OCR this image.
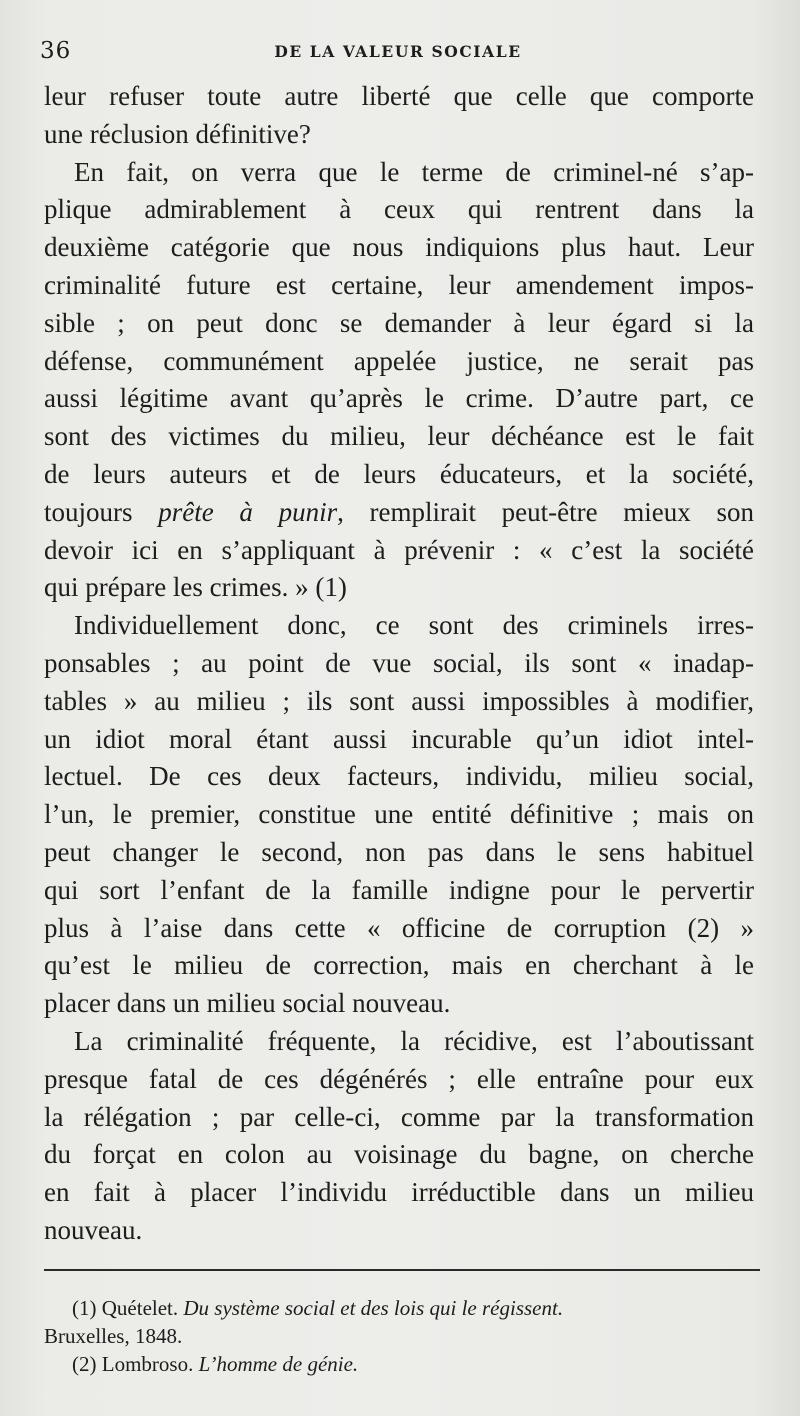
36	DE LA VALEUR SOCIALE
leur refuser toute autre liberté que celle que comporte
une réclusion définitive?
En fait, on verra que le terme de criminel-né s’ap-
plique admirablement à ceux qui rentrent dans la
deuxième catégorie que nous indiquions plus haut. Leur
criminalité future est certaine, leur amendement impos-
sible ; on peut donc se demander à leur égard si la
défense, communément appelée justice, ne serait pas
aussi légitime avant qu’après le crime. D’autre part, ce
sont des victimes du milieu, leur déchéance est le fait
de leurs auteurs et de leurs éducateurs, et la société,
toujours prête à punir, remplirait peut-être mieux son
devoir ici en s’appliquant à prévenir : « c’est la société
qui prépare les crimes. » (1)
Individuellement donc, ce sont des criminels irres-
ponsables ; au point de vue social, ils sont « inadap-
tables » au milieu ; ils sont aussi impossibles à modifier,
un idiot moral étant aussi incurable qu’un idiot intel-
lectuel. De ces deux facteurs, individu, milieu social,
l’un, le premier, constitue une entité définitive ; mais on
peut changer le second, non pas dans le sens habituel
qui sort l’enfant de la famille indigne pour le pervertir
plus à l’aise dans cette « officine de corruption (2) »
qu’est le milieu de correction, mais en cherchant à le
placer dans un milieu social nouveau.
La criminalité fréquente, la récidive, est l’aboutissant
presque fatal de ces dégénérés ; elle entraîne pour eux
la rélégation ; par celle-ci, comme par la transformation
du forçat en colon au voisinage du bagne, on cherche
en fait à placer l’individu irréductible dans un milieu
nouveau.
(1) Quételet. Du système social et des lois qui le régissent.
Bruxelles, 1848.
(2) Lombroso. L’homme de génie.
